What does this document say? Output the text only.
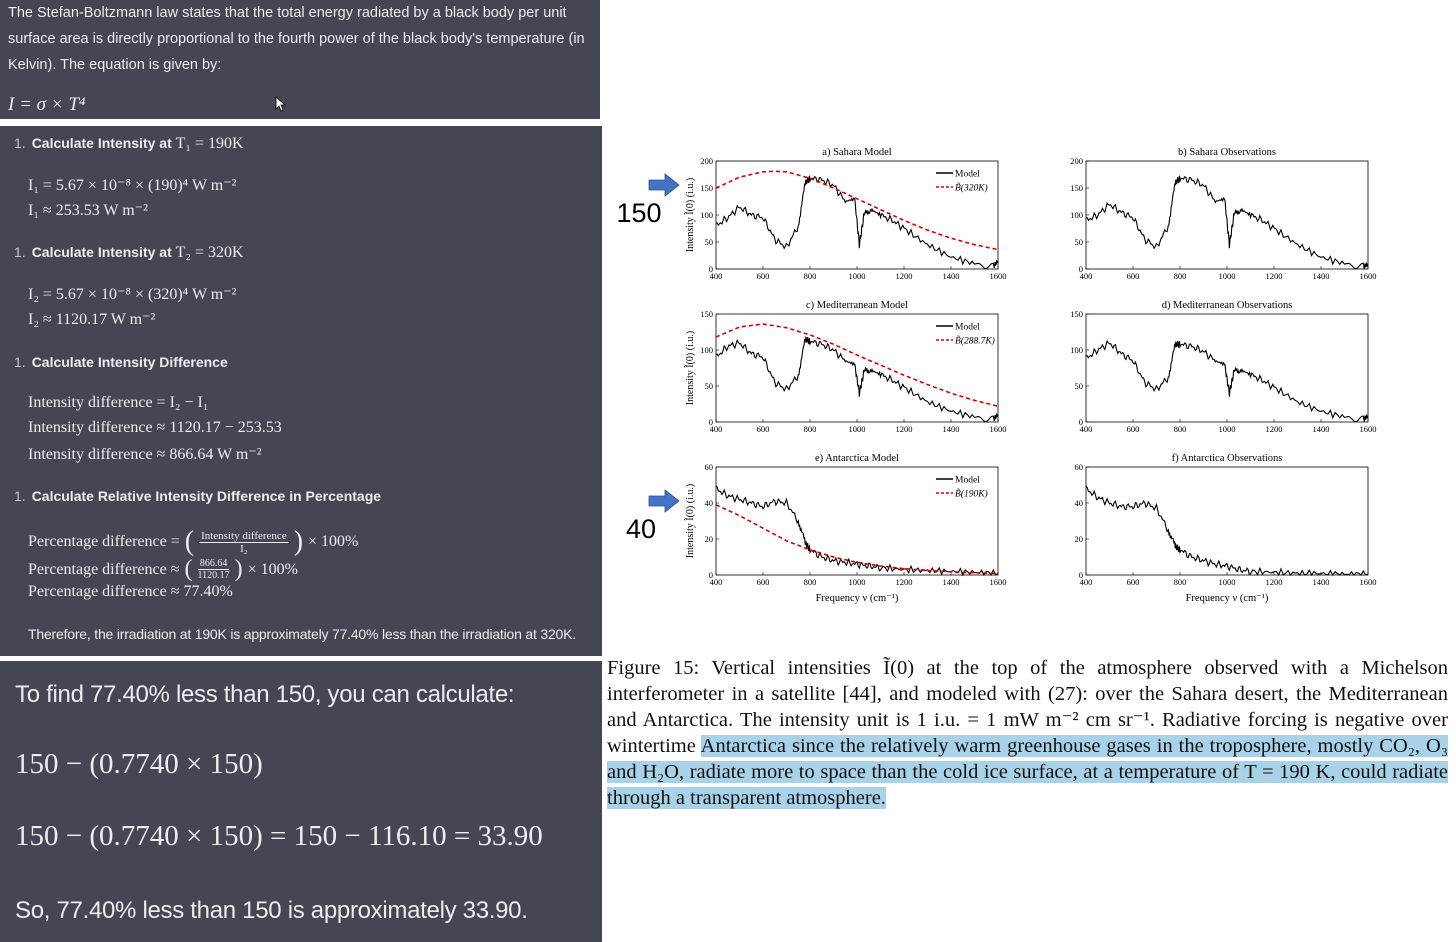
The Stefan-Boltzmann law states that the total energy radiated by a black body per unit surface area is directly proportional to the fourth power of the black body's temperature (in Kelvin). The equation is given by:

I = σ × T⁴
1. Calculate Intensity at T₁ = 190K
I₁ = 5.67 × 10⁻⁸ × (190)⁴ W m⁻²
I₁ ≈ 253.53 W m⁻²
1. Calculate Intensity at T₂ = 320K
I₂ = 5.67 × 10⁻⁸ × (320)⁴ W m⁻²
I₂ ≈ 1120.17 W m⁻²
1. Calculate Intensity Difference
Intensity difference = I₂ − I₁
Intensity difference ≈ 1120.17 − 253.53
Intensity difference ≈ 866.64 W m⁻²
1. Calculate Relative Intensity Difference in Percentage
Percentage difference = ( Intensity difference
I₂ ) × 100%
Percentage difference ≈ ( 866.64
1120.17 ) × 100%
Percentage difference ≈ 77.40%
Therefore, the irradiation at 190K is approximately 77.40% less than the irradiation at 320K.
To find 77.40% less than 150, you can calculate:
150 − (0.7740 × 150)
150 − (0.7740 × 150) = 150 − 116.10 = 33.90
So, 77.40% less than 150 is approximately 33.90.
a) Sahara Model
400	600	800	1000	1200	1400	1600
0
50
100
150
200
Intensity Ĩ(0) (i.u.)
Model
B̃(320K)
b) Sahara Observations
400	600	800	1000	1200	1400	1600
0
50
100
150
200
c) Mediterranean Model
400	600	800	1000	1200	1400	1600
0
50
100
150
Intensity Ĩ(0) (i.u.)
Model
B̃(288.7K)
d) Mediterranean Observations
400	600	800	1000	1200	1400	1600
0
50
100
150
e) Antarctica Model
400	600	800	1000	1200	1400	1600
0
20
40
60
Intensity Ĩ(0) (i.u.)
Frequency ν (cm⁻¹)
Model
B̃(190K)
f) Antarctica Observations
400	600	800	1000	1200	1400	1600
0
20
40
60
Frequency ν (cm⁻¹)
150
40

Figure 15: Vertical intensities Ĩ(0) at the top of the atmosphere observed with a Michelson interferometer in a satellite [44], and modeled with (27): over the Sahara desert, the Mediterranean and Antarctica. The intensity unit is 1 i.u. = 1 mW m⁻² cm sr⁻¹. Radiative forcing is negative over wintertime Antarctica since the relatively warm greenhouse gases in the troposphere, mostly CO₂, O₃ and H₂O, radiate more to space than the cold ice surface, at a temperature of T = 190 K, could radiate through a transparent atmosphere.
